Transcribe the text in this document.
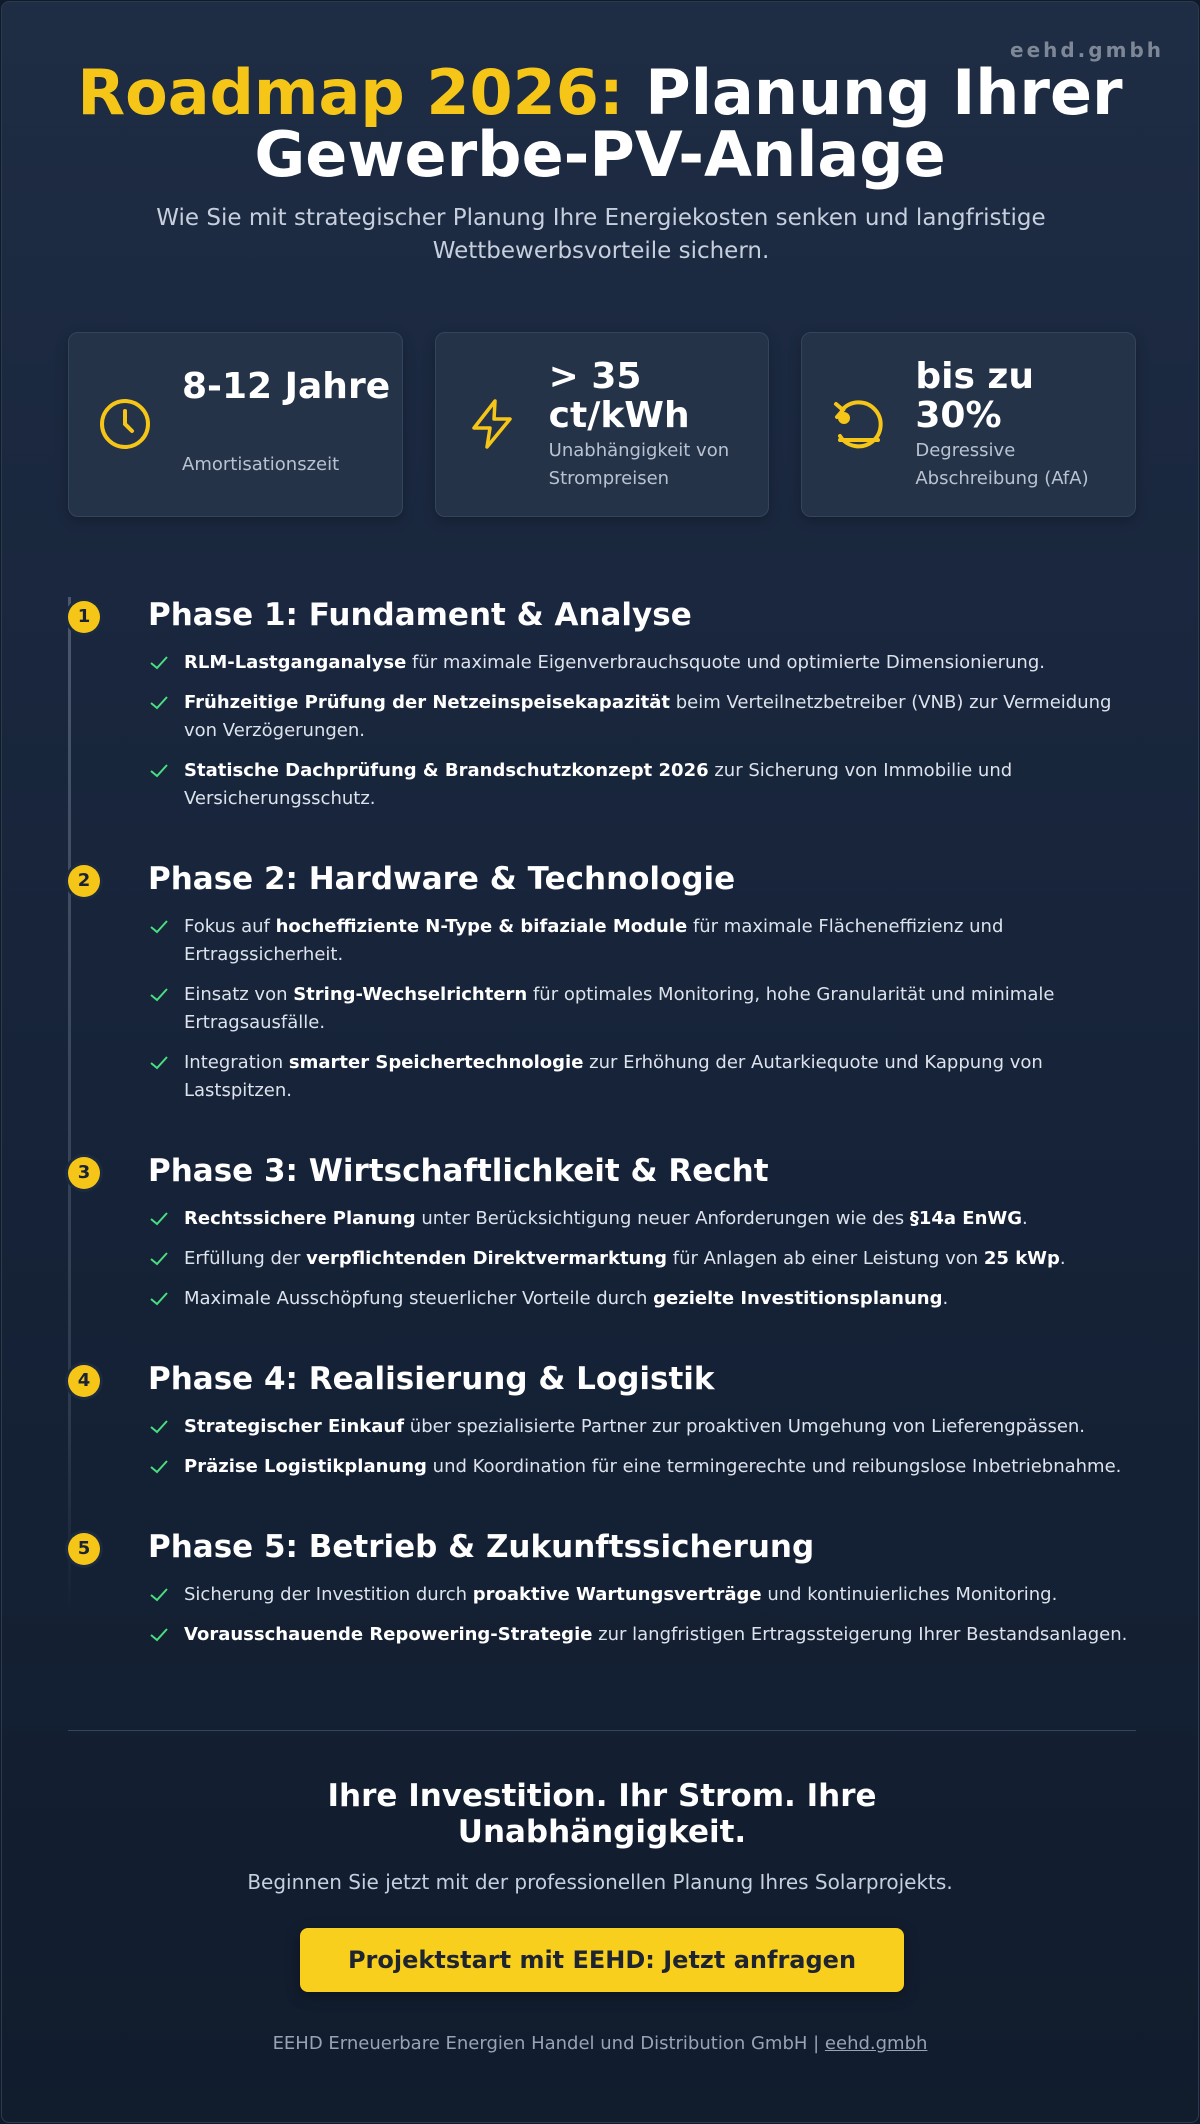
eehd.gmbh
Roadmap 2026: Planung Ihrer
Gewerbe-PV-Anlage

Wie Sie mit strategischer Planung Ihre Energiekosten senken und langfristige Wettbewerbsvorteile sichern.

8-12 Jahre
Amortisationszeit
> 35 ct/kWh
Unabhängigkeit von Strompreisen
bis zu 30%
Degressive Abschreibung (AfA)
1	Phase 1: Fundament & Analyse
RLM-Lastganganalyse für maximale Eigenverbrauchsquote und optimierte Dimensionierung.
Frühzeitige Prüfung der Netzeinspeisekapazität beim Verteilnetzbetreiber (VNB) zur Vermeidung von Verzögerungen.
Statische Dachprüfung & Brandschutzkonzept 2026 zur Sicherung von Immobilie und Versicherungsschutz.
2	Phase 2: Hardware & Technologie
Fokus auf hocheffiziente N-Type & bifaziale Module für maximale Flächeneffizienz und Ertragssicherheit.
Einsatz von String-Wechselrichtern für optimales Monitoring, hohe Granularität und minimale Ertragsausfälle.
Integration smarter Speichertechnologie zur Erhöhung der Autarkiequote und Kappung von Lastspitzen.
3	Phase 3: Wirtschaftlichkeit & Recht
Rechtssichere Planung unter Berücksichtigung neuer Anforderungen wie des §14a EnWG.
Erfüllung der verpflichtenden Direktvermarktung für Anlagen ab einer Leistung von 25 kWp.
Maximale Ausschöpfung steuerlicher Vorteile durch gezielte Investitionsplanung.
4	Phase 4: Realisierung & Logistik
Strategischer Einkauf über spezialisierte Partner zur proaktiven Umgehung von Lieferengpässen.
Präzise Logistikplanung und Koordination für eine termingerechte und reibungslose Inbetriebnahme.
5	Phase 5: Betrieb & Zukunftssicherung
Sicherung der Investition durch proaktive Wartungsverträge und kontinuierliches Monitoring.
Vorausschauende Repowering-Strategie zur langfristigen Ertragssteigerung Ihrer Bestandsanlagen.
Ihre Investition. Ihr Strom. Ihre Unabhängigkeit.

Beginnen Sie jetzt mit der professionellen Planung Ihres Solarprojekts.

Projektstart mit EEHD: Jetzt anfragen
EEHD Erneuerbare Energien Handel und Distribution GmbH | eehd.gmbh
